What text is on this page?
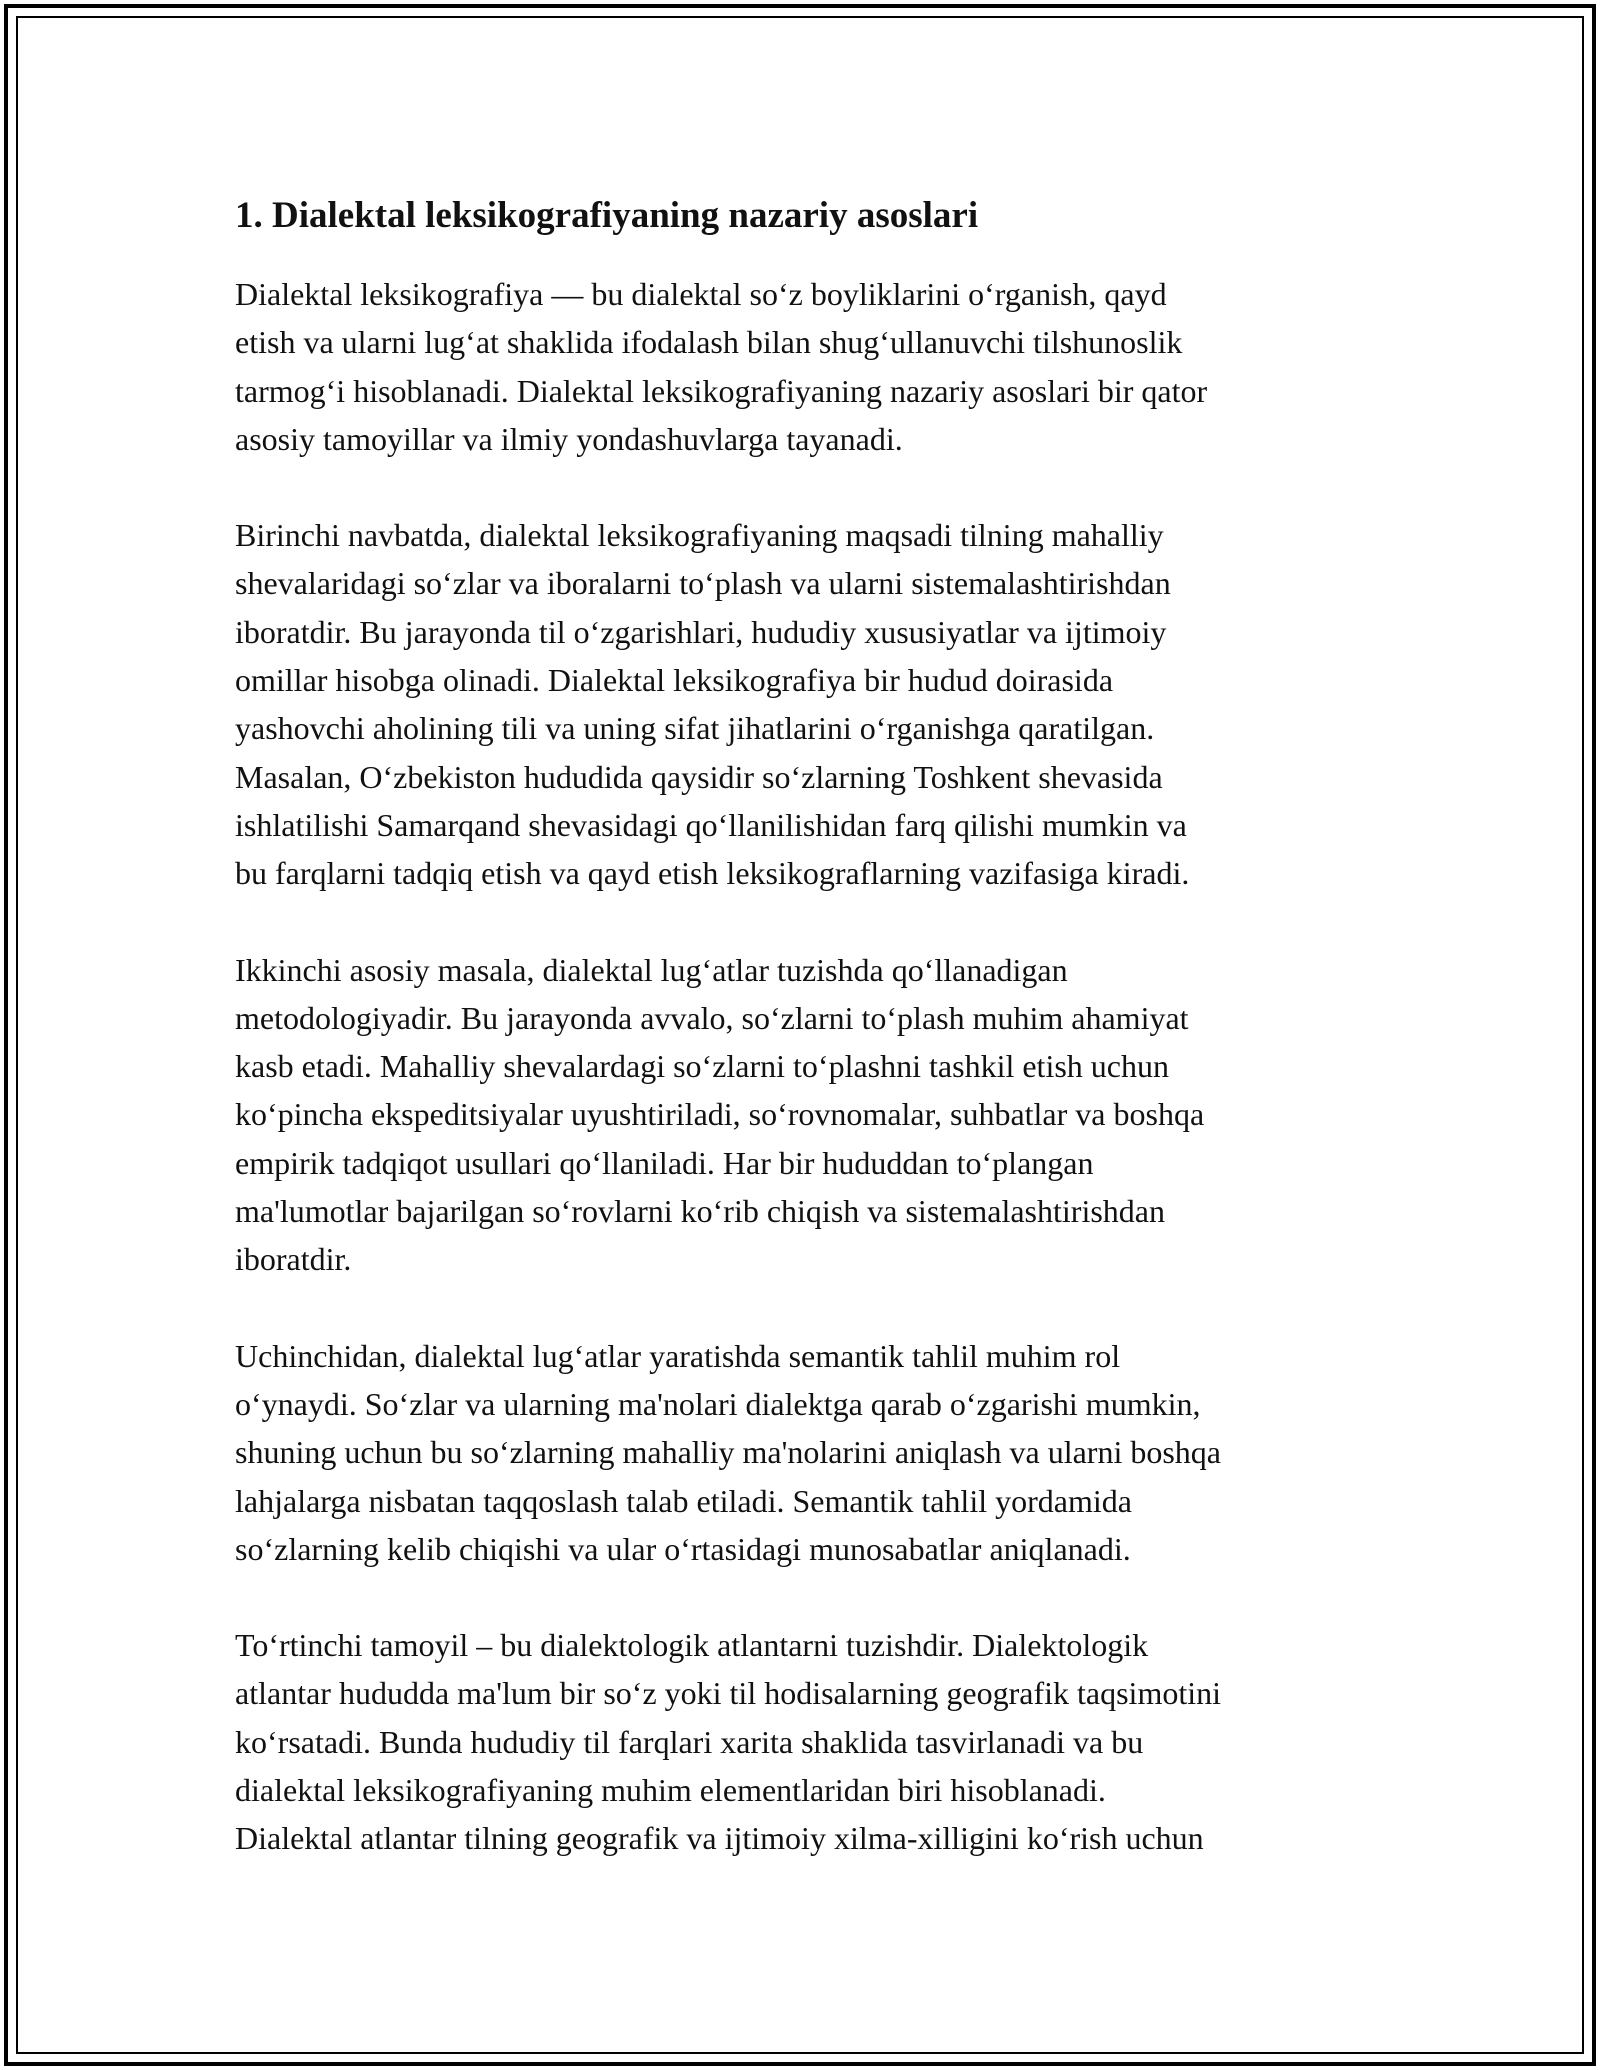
1. Dialektal leksikografiyaning nazariy asoslari

Dialektal leksikografiya — bu dialektal so‘z boyliklarini o‘rganish, qayd
etish va ularni lug‘at shaklida ifodalash bilan shug‘ullanuvchi tilshunoslik
tarmog‘i hisoblanadi. Dialektal leksikografiyaning nazariy asoslari bir qator
asosiy tamoyillar va ilmiy yondashuvlarga tayanadi.

Birinchi navbatda, dialektal leksikografiyaning maqsadi tilning mahalliy
shevalaridagi so‘zlar va iboralarni to‘plash va ularni sistemalashtirishdan
iboratdir. Bu jarayonda til o‘zgarishlari, hududiy xususiyatlar va ijtimoiy
omillar hisobga olinadi. Dialektal leksikografiya bir hudud doirasida
yashovchi aholining tili va uning sifat jihatlarini o‘rganishga qaratilgan.
Masalan, O‘zbekiston hududida qaysidir so‘zlarning Toshkent shevasida
ishlatilishi Samarqand shevasidagi qo‘llanilishidan farq qilishi mumkin va
bu farqlarni tadqiq etish va qayd etish leksikograflarning vazifasiga kiradi.

Ikkinchi asosiy masala, dialektal lug‘atlar tuzishda qo‘llanadigan
metodologiyadir. Bu jarayonda avvalo, so‘zlarni to‘plash muhim ahamiyat
kasb etadi. Mahalliy shevalardagi so‘zlarni to‘plashni tashkil etish uchun
ko‘pincha ekspeditsiyalar uyushtiriladi, so‘rovnomalar, suhbatlar va boshqa
empirik tadqiqot usullari qo‘llaniladi. Har bir hududdan to‘plangan
ma'lumotlar bajarilgan so‘rovlarni ko‘rib chiqish va sistemalashtirishdan
iboratdir.

Uchinchidan, dialektal lug‘atlar yaratishda semantik tahlil muhim rol
o‘ynaydi. So‘zlar va ularning ma'nolari dialektga qarab o‘zgarishi mumkin,
shuning uchun bu so‘zlarning mahalliy ma'nolarini aniqlash va ularni boshqa
lahjalarga nisbatan taqqoslash talab etiladi. Semantik tahlil yordamida
so‘zlarning kelib chiqishi va ular o‘rtasidagi munosabatlar aniqlanadi.

To‘rtinchi tamoyil – bu dialektologik atlantarni tuzishdir. Dialektologik
atlantar hududda ma'lum bir so‘z yoki til hodisalarning geografik taqsimotini
ko‘rsatadi. Bunda hududiy til farqlari xarita shaklida tasvirlanadi va bu
dialektal leksikografiyaning muhim elementlaridan biri hisoblanadi.
Dialektal atlantar tilning geografik va ijtimoiy xilma-xilligini ko‘rish uchun
